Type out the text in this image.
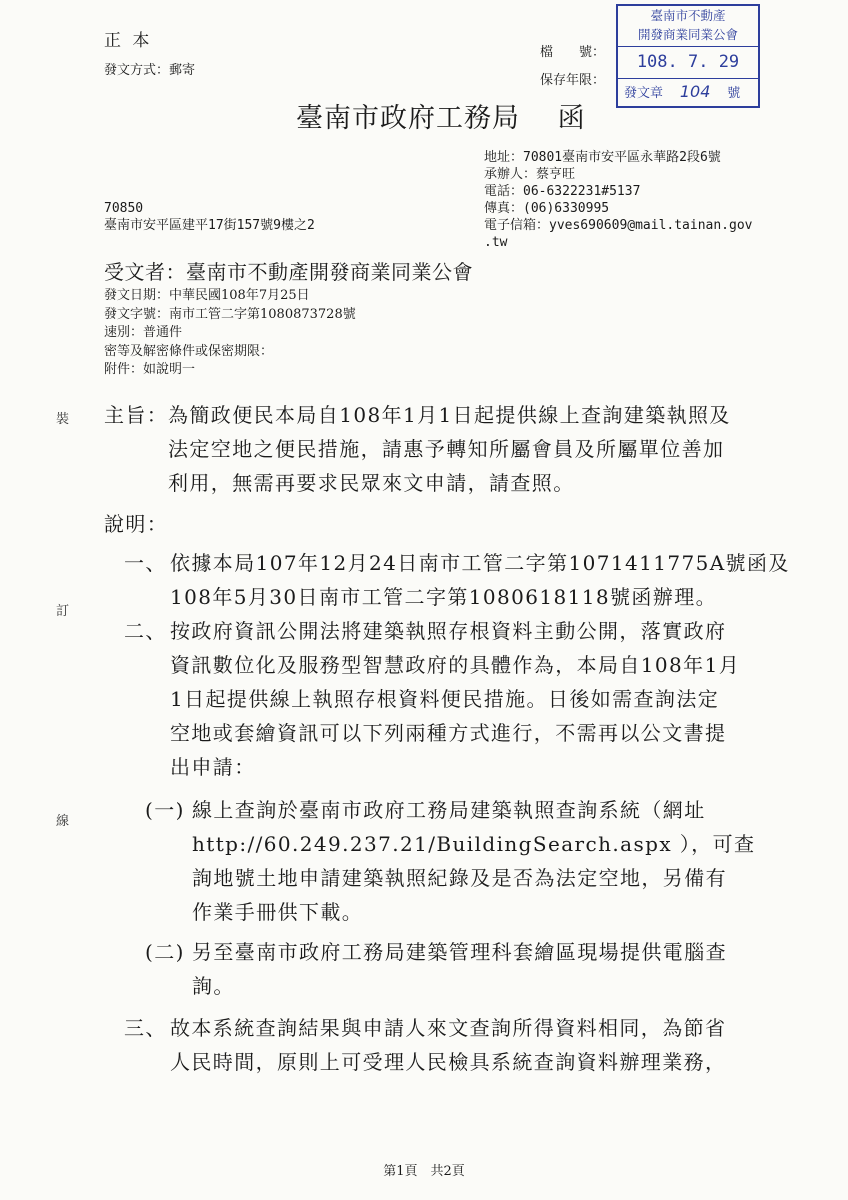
正 本
發文方式：郵寄
檔　　號：
保存年限：
臺南市政府工務局　 函
臺南市不動產
開發商業同業公會
108. 7. 29
發文章 104 號
地址：70801臺南市安平區永華路2段6號
承辦人：蔡亨旺
電話：06-6322231#5137
傳真：(06)6330995
電子信箱：yves690609@mail.tainan.gov
.tw
70850
臺南市安平區建平17街157號9樓之2
受文者：臺南市不動產開發商業同業公會
發文日期：中華民國108年7月25日
發文字號：南市工管二字第1080873728號
速別：普通件
密等及解密條件或保密期限：
附件：如說明一
主旨： 為簡政便民本局自108年1月1日起提供線上查詢建築執照及
法定空地之便民措施，請惠予轉知所屬會員及所屬單位善加
利用，無需再要求民眾來文申請，請查照。
說明：
一、 依據本局107年12月24日南市工管二字第1071411775A號函及
108年5月30日南市工管二字第1080618118號函辦理。
二、 按政府資訊公開法將建築執照存根資料主動公開，落實政府
資訊數位化及服務型智慧政府的具體作為，本局自108年1月
1日起提供線上執照存根資料便民措施。日後如需查詢法定
空地或套繪資訊可以下列兩種方式進行，不需再以公文書提
出申請：
(一) 線上查詢於臺南市政府工務局建築執照查詢系統（網址
http://60.249.237.21/BuildingSearch.aspx ），可查
詢地號土地申請建築執照紀錄及是否為法定空地，另備有
作業手冊供下載。
(二) 另至臺南市政府工務局建築管理科套繪區現場提供電腦查
詢。
三、 故本系統查詢結果與申請人來文查詢所得資料相同，為節省
人民時間，原則上可受理人民檢具系統查詢資料辦理業務，
裝
訂
線
第1頁　共2頁
